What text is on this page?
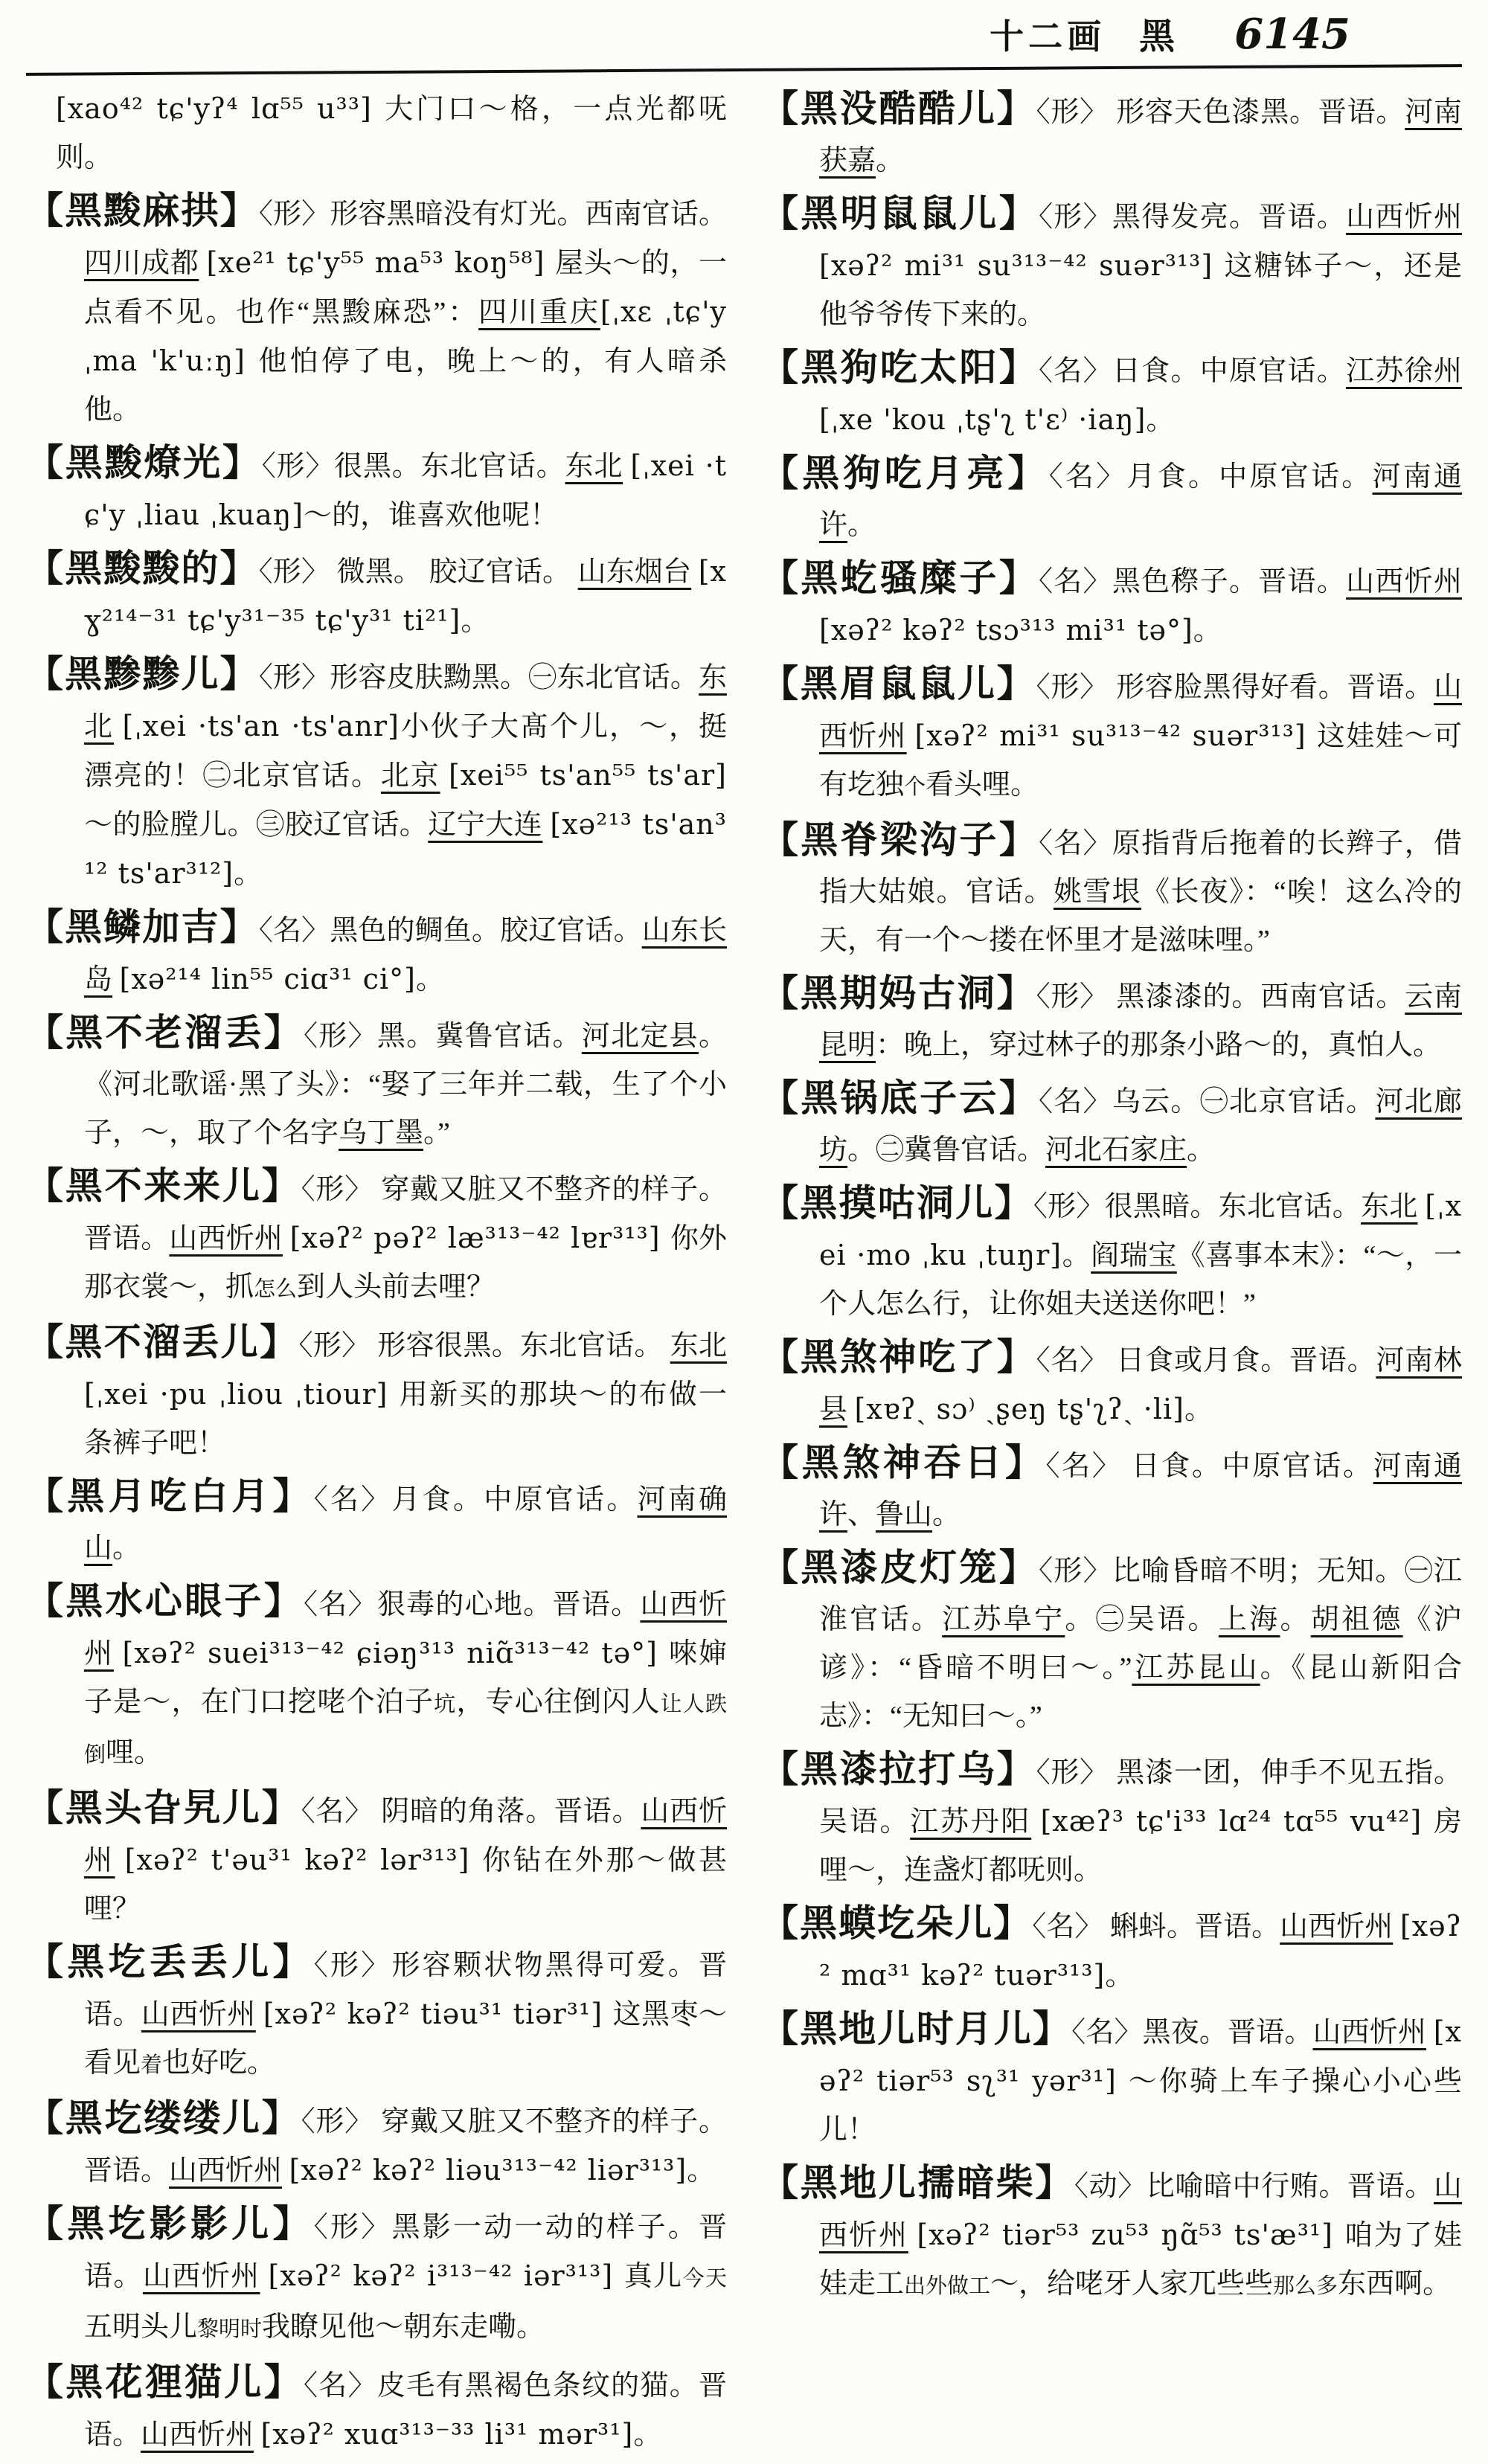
十二画 黑 6145
[xao⁴² tɕ'yʔ⁴ lɑ⁵⁵ u³³] 大门口～格，一点光都呒则。
【黑黢麻拱】〈形〉形容黑暗没有灯光。西南官话。四川成都 [xe²¹ tɕ'y⁵⁵ ma⁵³ koŋ⁵⁸] 屋头～的，一点看不见。也作“黑黢麻恐”：四川重庆[ˌxɛ ˌtɕ'y ˌma 'k'uːŋ] 他怕停了电，晚上～的，有人暗杀他。
【黑黢燎光】〈形〉很黑。东北官话。东北 [ˌxei ·tɕ'y ˌliau ˌkuaŋ]～的，谁喜欢他呢！
【黑黢黢的】〈形〉 微黑。 胶辽官话。 山东烟台 [xɣ²¹⁴⁻³¹ tɕ'y³¹⁻³⁵ tɕ'y³¹ ti²¹]。
【黑黪黪儿】〈形〉形容皮肤黝黑。㊀东北官话。东北 [ˌxei ·ts'an ·ts'anr]小伙子大髙个儿，～，挺漂亮的！㊁北京官话。北京 [xei⁵⁵ ts'an⁵⁵ ts'ar] ～的脸膛儿。㊂胶辽官话。辽宁大连 [xə²¹³ ts'an³¹² ts'ar³¹²]。
【黑鳞加吉】〈名〉黑色的鲷鱼。胶辽官话。山东长岛 [xə²¹⁴ lin⁵⁵ ciɑ³¹ ci°]。
【黑不老溜丢】〈形〉黑。冀鲁官话。河北定县。《河北歌谣·黑了头》：“娶了三年并二载，生了个小子，～，取了个名字乌丁墨。”
【黑不来来儿】〈形〉 穿戴又脏又不整齐的样子。晋语。山西忻州 [xəʔ² pəʔ² læ³¹³⁻⁴² lɐr³¹³] 你外那衣裳～，抓怎么到人头前去哩？
【黑不溜丢儿】〈形〉 形容很黑。东北官话。 东北 [ˌxei ·pu ˌliou ˌtiour] 用新买的那块～的布做一条裤子吧！
【黑月吃白月】〈名〉月食。中原官话。河南确山。
【黑水心眼子】〈名〉狠毒的心地。晋语。山西忻州 [xəʔ² suei³¹³⁻⁴² ɕiəŋ³¹³ niɑ̃³¹³⁻⁴² tə°] 唻婶子是～，在门口挖咾个泊子坑，专心往倒闪人让人跌倒哩。
【黑头旮旯儿】〈名〉 阴暗的角落。晋语。山西忻州 [xəʔ² t'əu³¹ kəʔ² lər³¹³] 你钻在外那～做甚哩？
【黑圪丢丢儿】〈形〉形容颗状物黑得可爱。晋语。山西忻州 [xəʔ² kəʔ² tiəu³¹ tiər³¹] 这黑枣～看见着也好吃。
【黑圪缕缕儿】〈形〉 穿戴又脏又不整齐的样子。晋语。山西忻州 [xəʔ² kəʔ² liəu³¹³⁻⁴² liər³¹³]。
【黑圪影影儿】〈形〉黑影一动一动的样子。晋语。山西忻州 [xəʔ² kəʔ² i³¹³⁻⁴² iər³¹³] 真儿今天五明头儿黎明时我瞭见他～朝东走嘞。
【黑花狸猫儿】〈名〉皮毛有黑褐色条纹的猫。晋语。山西忻州 [xəʔ² xuɑ³¹³⁻³³ li³¹ mər³¹]。
【黑没酷酷儿】〈形〉 形容天色漆黑。晋语。河南获嘉。
【黑明鼠鼠儿】〈形〉黑得发亮。晋语。山西忻州[xəʔ² mi³¹ su³¹³⁻⁴² suər³¹³] 这糖钵子～，还是他爷爷传下来的。
【黑狗吃太阳】〈名〉日食。中原官话。江苏徐州[ˌxe 'kou ˌtʂ'ʅ t'ɛ⁾ ·iaŋ]。
【黑狗吃月亮】〈名〉月食。中原官话。河南通许。
【黑虼骚糜子】〈名〉黑色穄子。晋语。山西忻州[xəʔ² kəʔ² tsɔ³¹³ mi³¹ tə°]。
【黑眉鼠鼠儿】〈形〉 形容脸黑得好看。晋语。山西忻州 [xəʔ² mi³¹ su³¹³⁻⁴² suər³¹³] 这娃娃～可有圪独个看头哩。
【黑脊梁沟子】〈名〉原指背后拖着的长辫子，借指大姑娘。官话。姚雪垠《长夜》：“唉！这么冷的天，有一个～搂在怀里才是滋味哩。”
【黑期妈古洞】〈形〉 黑漆漆的。西南官话。云南昆明：晚上，穿过林子的那条小路～的，真怕人。
【黑锅底子云】〈名〉乌云。㊀北京官话。河北廊坊。㊁冀鲁官话。河北石家庄。
【黑摸咕洞儿】〈形〉很黑暗。东北官话。东北 [ˌxei ·mo ˌku ˌtuŋr]。阎瑞宝《喜事本末》：“～，一个人怎么行，让你姐夫送送你吧！”
【黑煞神吃了】〈名〉 日食或月食。晋语。河南林县 [xɐʔˎ sɔ⁾ ˎʂeŋ tʂ'ʅʔˎ ·li]。
【黑煞神吞日】〈名〉 日食。中原官话。河南通许、鲁山。
【黑漆皮灯笼】〈形〉比喻昏暗不明；无知。㊀江淮官话。江苏阜宁。㊁吴语。上海。胡祖德《沪谚》：“昏暗不明曰～。”江苏昆山。《昆山新阳合志》：“无知曰～。”
【黑漆拉打乌】〈形〉 黑漆一团，伸手不见五指。吴语。江苏丹阳 [xæʔ³ tɕ'i³³ lɑ²⁴ tɑ⁵⁵ vu⁴²] 房哩～，连盏灯都呒则。
【黑蟆圪朵儿】〈名〉 蝌蚪。晋语。山西忻州 [xəʔ² mɑ³¹ kəʔ² tuər³¹³]。
【黑地儿时月儿】〈名〉黑夜。晋语。山西忻州 [xəʔ² tiər⁵³ sʅ³¹ yər³¹] ～你骑上车子操心小心些儿！
【黑地儿擩暗柴】〈动〉比喻暗中行贿。晋语。山西忻州 [xəʔ² tiər⁵³ zu⁵³ ŋɑ̃⁵³ ts'æ³¹] 咱为了娃娃走工出外做工～，给咾牙人家兀些些那么多东西啊。
